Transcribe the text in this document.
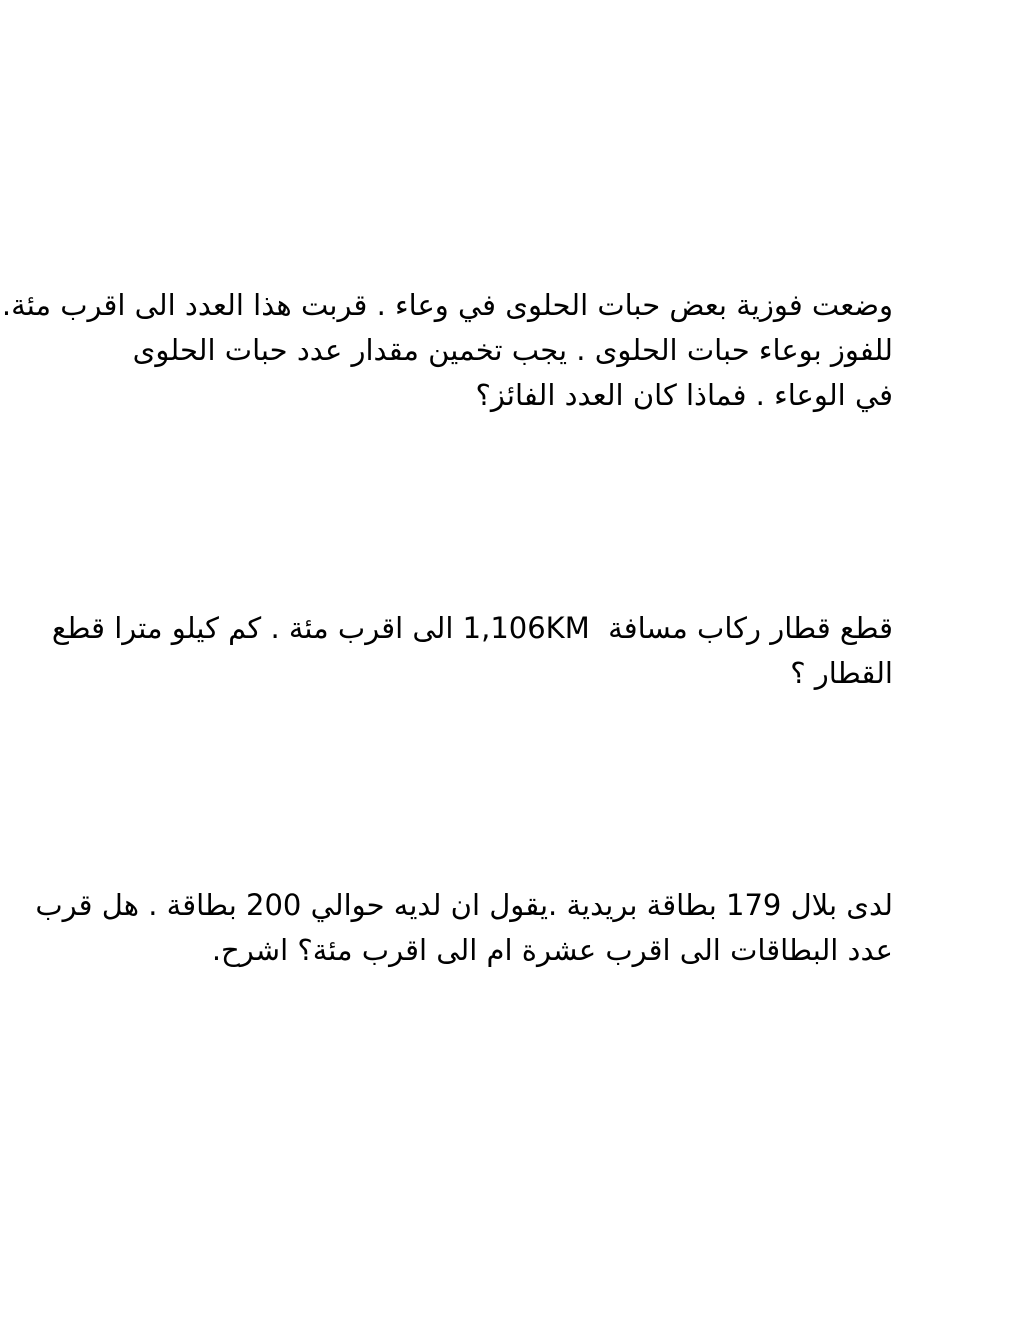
وضعت فوزية بعض حبات الحلوى في وعاء . قربت هذا العدد الى اقرب مئة.
للفوز بوعاء حبات الحلوى . يجب تخمين مقدار عدد حبات الحلوى
في الوعاء . فماذا كان العدد الفائز؟
قطع قطار ركاب مسافة  1,106KM الى اقرب مئة . كم كيلو مترا قطع
القطار ؟
لدى بلال 179 بطاقة بريدية .يقول ان لديه حوالي 200 بطاقة . هل قرب
عدد البطاقات الى اقرب عشرة ام الى اقرب مئة؟ اشرح.
